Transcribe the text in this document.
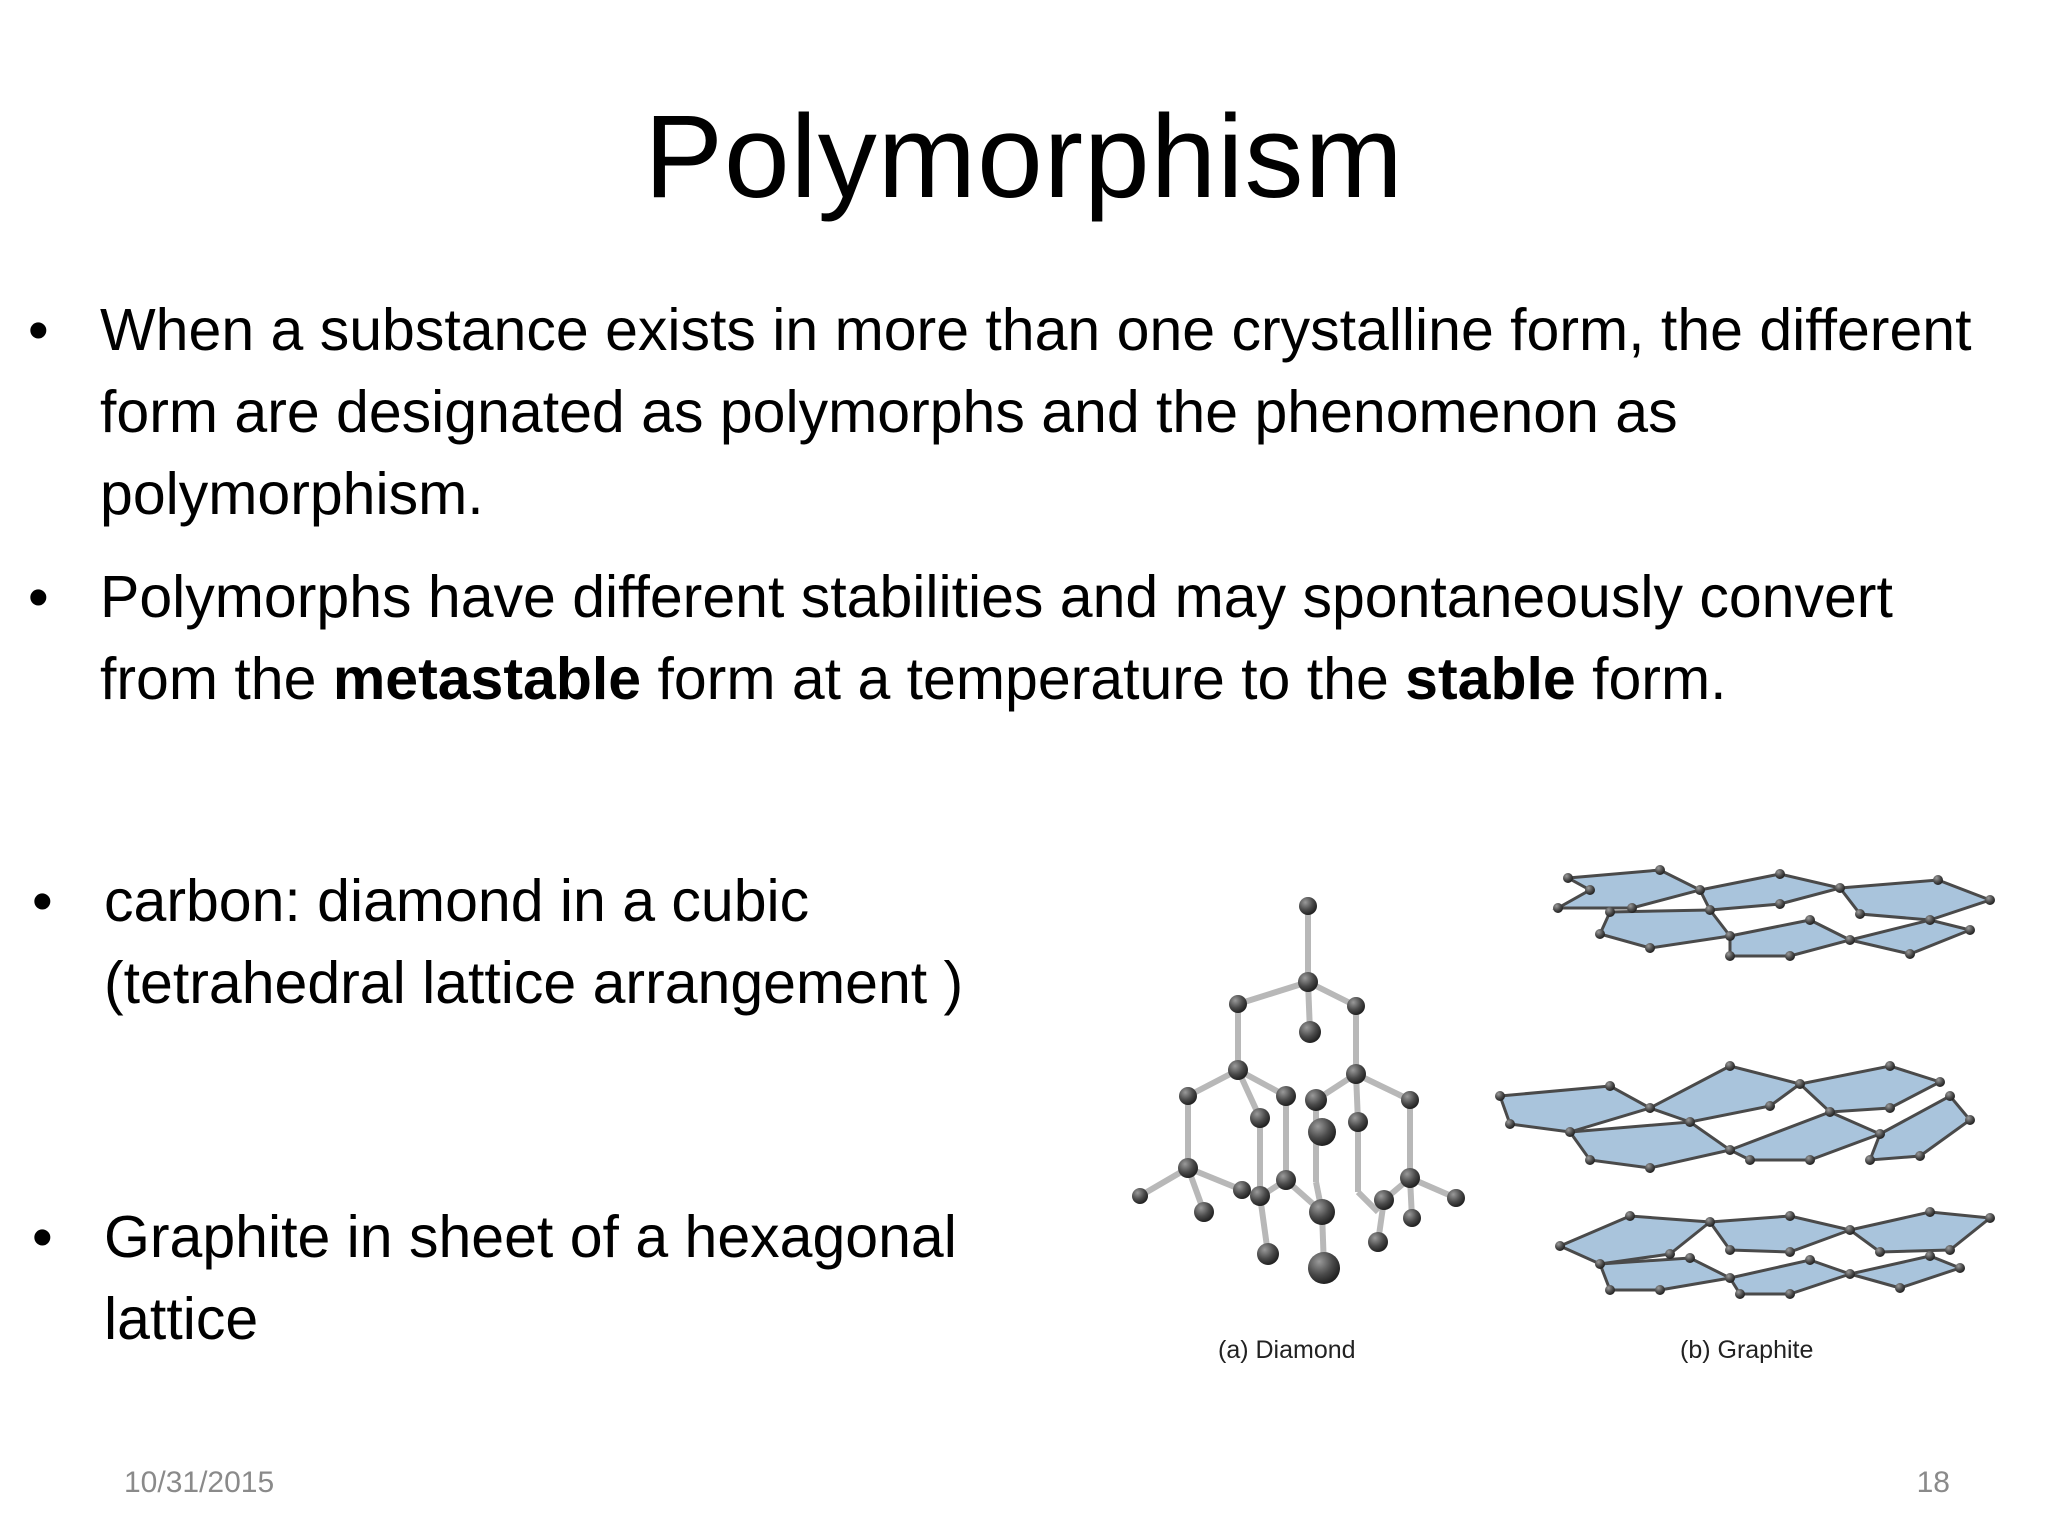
Polymorphism
• When a substance exists in more than one crystalline form, the different form are designated as polymorphs and the phenomenon as polymorphism.
• Polymorphs have different stabilities and may spontaneously convert from the metastable form at a temperature to the stable form.
• carbon: diamond in a cubic
(tetrahedral lattice arrangement )
• Graphite in sheet of a hexagonal
lattice	(a) Diamond	(b) Graphite
10/31/2015	18
